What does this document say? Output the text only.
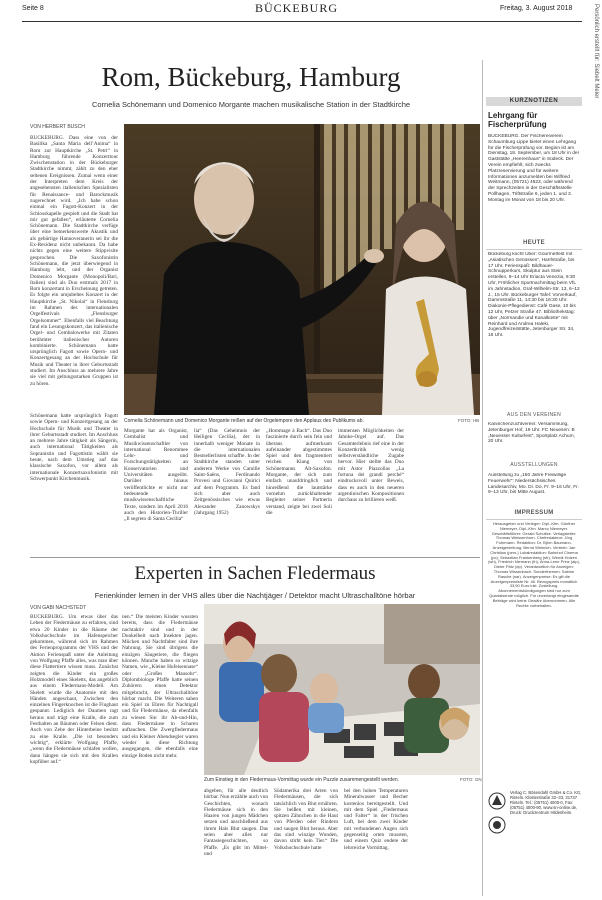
Seite 8	BÜCKEBURG	Freitag, 3. August 2018	Persönlich erstellt für: Siebelt Meier
Rom, Bückeburg, Hamburg
Cornelia Schönemann und Domenico Morgante machen musikalische Station in der Stadtkirche
VON HERBERT BUSCH
BÜCKEBURG. Dass eine von der Basilika „Santa Maria dell’Anima“ in Rom zur Hauptkirche „St. Petri“ in Hamburg führende Konzerttour Zwischenstation in der Bückeburger Stadtkirche nimmt, zählt zu den eher seltenen Ereignissen. Zumal wenn einer der Interpreten dem Kreis der angesehensten italienischen Spezialisten für Renaissance- und Barockmusik zugerechnet wird. „Ich habe schon einmal ein Fagott-Konzert in der Schlosskapelle gespielt und die Stadt hat mir gut gefallen“, erläuterte Cornelia Schönemann. Die Stadtkirche verfüge über eine bemerkenswerte Akustik und als gebürtige Hannoveranerin sei ihr die Ex-Residenz nicht unbekannt. Da habe nichts gegen eine weitere Stippvisite gesprochen. Die Saxofonistin Schönemann, die jetzt überwiegend in Hamburg lebt, und der Organist Domenico Morgante (Monopoli/Bari, Italien) sind als Duo erstmals 2017 in Rom konzertant in Erscheinung getreten. Es folgte ein umjubeltes Konzert in der Hauptkirche „St. Nikolai“ in Flensburg im Rahmen des internationalen Orgelfestivals „Flensburger Orgelsommer“. Ebenfalls viel Beachtung fand ein Lesungskonzert, das italienische Orgel- und Cembalowerke mit Zitaten berühmter italienischer Autoren kombinierte. Schönemann hatte ursprünglich Fagott sowie Opern- und Konzertgesang an der Hochschule für Musik und Theater in ihrer Geburtsstadt studiert. Im Anschluss an mehrere Jahre sie viel mit geltungsstarken Gruppen ist zu hören.
Schönemann hatte ursprünglich Fagott sowie Opern- und Konzertgesang an der Hochschule für Musik und Theater in ihrer Geburtsstadt studiert. Im Anschluss an mehrere Jahre tätigkeit als Sängerin, auch international Tätigkeiten als Sopranistin und Fagottistin wählt sie heute, nach dem Umstieg auf das klassische Saxofon, vor allem als internationale Konzertsaxofonistin mit Schwerpunkt Kirchenmusik.
Cornelia Schönemann und Domenico Morgante reißen auf der Orgelempore den Applaus des Publikums ab.	FOTO: HB
Morgante hat als Organist, Cembalist und Musikwissenschaftler von international Renommee Lehr- und Forschungstätigkeiten an Konservatorien und Universitäten ausgeübt. Darüber hinaus veröffentlichte er nicht nur bedeutende musikwissenschaftliche Texte, sondern im April 2016 auch den Historien-Thriller „Il segreto di Santa Cecilia“
lia“ (Das Geheimnis der Heiligen Cecilia), der in innerhalb weniger Monate in die internationalen Bestsellerlisten schaffte. In der Stadtkirche standen unter anderem Werke von Camille Saint-Saëns, Ferdinando Provesi und Giovanni Quirici auf dem Programm. Es fand sich aber auch Zeitgenössisches wie etwas Alexander Zanowskys (Jahrgang 1952)
„Hommage à Bach“. Das Duo faszinierte durch sein fein und überaus aufmerksam aufeinander abgestimmtes Spiel und den fragmentiert reichen Klang von Schönemanns Alt-Saxofon. Morgante, der sich zum einfach unaufdringlich und hinreißend die lautstärke vornehm zurückhaltender Begleiter seiner Partnerin verstand, zeigte bei zwei Soli die
immensen Möglichkeiten der Jahnke-Orgel auf. Das Gesamterlebnis rief eine in der Konzertkritik wenig selbstverständliche Zugabe hervor. Hier stellte das Duo mit Astor Piazzollas „La fortuna dei grandi perché“ eindrucksvoll unter Beweis, dass es auch in den neueren argentinischen Kompositionen durchaus zu brillieren weiß.
Experten in Sachen Fledermaus
Ferienkinder lernen in der VHS alles über die Nachtjäger / Detektor macht Ultraschalltöne hörbar
VON GABI NACHSTEDT
BÜCKEBURG. Um etwas über das Leben der Fledermäuse zu erfahren, sind etwa 20 Kinder in die Räume der Volkshochschule im Hafenspeicher gekommen, während sich im Rahmen des Ferienprogramms der VHS und der Aktion Ferienspaß unter die Anleitung von Wolfgang Pfaffe alles, was man über diese Flattertiere wissen muss. Zunächst zeigten die Kinder ein großes Holzmodell eines Skeletts, das angeblich aus einem Fledermaus-Modell. Am Skelett wurde die Anatomie mit den Händen angeschaut, Zwischen den einzelnen Fingerknochen ist die Flughaut gespannt. Lediglich der Daumen ragt heraus und trägt eine Kralle, die zum Festhalten an Bäumen oder Felsen dient. Auch von Zehe der Hinterbeine besitzt zu eine Kralle. „Die ist besonders wichtig“, erklärte Wolfgang Pfaffe, „wenn die Fledermäuse schlafen wollen, dann hängen sie sich mit den Krallen kopfüber auf.“
Zum Einstieg in den Fledermaus-Vormittag wurde ein Puzzle zusammengestellt werden.	FOTO: GN
nen.“ Die meisten Kinder wussten bereits, dass die Fledermäuse nachtaktiv sind und in der Dunkelheit nach Insekten jagen. Mücken und Nachtfalter sind ihre Nahrung. Sie sind übrigens die einzigen Säugetiere, die fliegen können. Manche haben so witzige Namen, wie „Kleine Hufeisennase“ oder „Großes Mausohr“. Diplombiologe Pfaffe hatte seinen Zuhörern einen Detektor mitgebracht, der Ultraschalltöne hörbar macht. Die Weiteren sahen ein Spiel zu Ehren für Nachtigall und für Fledermäuse, da ebenfalls zu wiesen Sie: ihr Ab-und-Hin, dass Fledermäuse in Scharen auftauchen. Die Zwergfledermaus und ein Kleiner Abendsegler waren wieder in diese Richtung ausgegangen, die ebenfalls eine einzige Boden nicht mehr.
abgeben, für alle deutlich hörbar. Nun erzählte auch von Geschichten, wonach Fledermäuse sich in den Haaren von jungen Mädchen setzen und anschließend aus ihrem Hals Blut saugen. Das seien aber alles nur Fantasiegeschichten, so Pfaffe. „Es gibt im Mittel- und
Südamerika drei Arten von Fledermäusen, die sich tatsächlich von Blut ernähren. Sie beißen mit kleinen, spitzen Zähnchen in die Haut von Pferden oder Rindern und saugen Blut heraus. Aber das sind winzige Wunden, davon stirbt kein Tier.“ Die Volkshochschule hatte
bei den hohen Temperaturen Mineralwasser und Becher kostenlos bereitgestellt. Und mit dem Spiel „Fledermaus und Falter“ in der frischen Luft, bei dem zwei Kinder mit verbundenen Augen sich gegenseitig orten mussten, und einem Quiz endete der lehrreiche Vormittag.
KURZNOTIZEN
Lehrgang für Fischerprüfung
BÜCKEBURG. Der Fischereiverein Schaumburg Lippe bietet einen Lehrgang für die Fischerprüfung vor. Beginn ist am Dienstag, 18. September, um 18 Uhr in der Gaststätte „Heerenhaus“ in Südeck. Der Verein empfiehlt, sich zwecks Platzreservierung und für weitere Informationen anzumelden bei Wilfried Weitmann, (05721) 4623, oder während der Sprechzeiten in der Geschäftsstelle Pollhagen, Triftstraße 6, jeden 1. und 3. Montag im Monat von 18 bis 20 Uhr.
HEUTE
Bückeburg kocht Uber: Gourmetfest mit „Asiatischen Genüssen“, Harrlstraße, bis 17 Uhr. Ferienspaß: Bildhauer-Schnupperkurs, Skulptur aus Stein erstellen, 9–14 Uhr Eriacta Venezia, 9:30 Uhr, Fröhlicher Sportnachmittag beim VfL im Jahnstadion, Graf-Wilhelm-Str. 13, 6–12 J., 15 Uhr. Bückeburger Tafel: Vorverkauf, Dammstraße 11, 14:30 bis 16:30 Uhr. Diakonie-Pflegedienst: Café Oase, 10 bis 12 Uhr, Petzer Straße 47. Bibliothekstag: über „Normandie und Kanalküste“ mit Reinhard und Andrea Haleki, Jugendfreizeitstätte, Jetenburger Str. 34, 16 Uhr.
AUS DEN VEREINEN
Kaninchenzuchtverein: Versammlung, Jetenburger Hof, 19 Uhr. FC Neuesen: B „Neuesser Kulturfest“, Sportplatz Achum, 20 Uhr.
AUSSTELLUNGEN
Ausstellung zu „150 Jahre Freiwillige Feuerwehr“: Niedersächsisches Landesarchiv, Mo. Di. Do. Fr. 9–16 Uhr, Fr. 9–13 Uhr, bis Mitte August.
IMPRESSUM
Herausgeber und Verleger: Dipl.-Kfm. Günther Niemeyer, Dipl.-Kfm. Marco Niemeyer. Geschäftsführer: Gerald Schultze. Verlagsleiter: Thomas Weissenhorn. Chefredakteur: Jörg Fuhrmann. Redaktion: Dr. Björn Baumann. Anzeigenleitung: Bernd Weinrich. Vertrieb: Jan Christian (pers.) Lokalredaktion: Bahnhof Cinema (pc), Sebastian Frankenberg (sfr), Wendt Holzen (wh), Friedrich Niemann (fn), Anna-Lene Prinz (alp), Dieter Pätz (dp). Verantwortlich für Anzeigen: Thomas Wissenbach. Sonderthemen: Sabine Rasche (sar). Anzeigenpreise: Es gilt die Anzeigenpreisliste Nr. 46. Bezugspreis monatlich 33,90 Euro inkl. Zustellung. Abonnementskündigungen sind nur zum Quartalsende möglich. Für unverlangt eingesandte Beiträge wird keine Gewähr übernommen. Alle Rechte vorbehalten.
Verlag C. Bösendahl GmbH & Co. KG, Rinteln. Klosterstraße 32–33, 31737 Rinteln. Tel.: (05751) 4000-0, Fax: (05751) 4000-90, www.sn-online.de, Druck: Druckzentrum Hildesheim.
